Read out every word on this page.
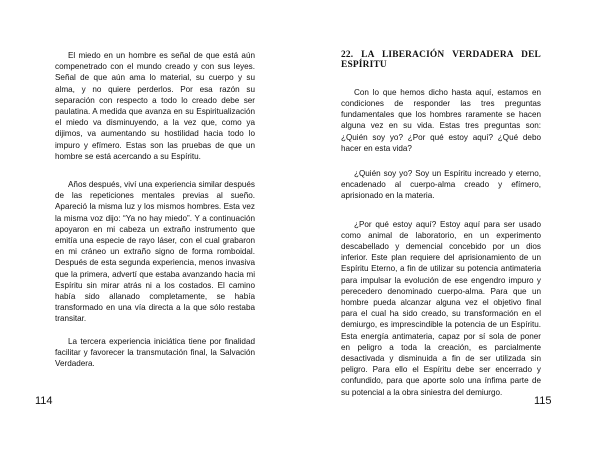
El miedo en un hombre es señal de que está aún compenetrado con el mundo creado y con sus leyes. Señal de que aún ama lo material, su cuerpo y su alma, y no quiere perderlos. Por esa razón su separación con respecto a todo lo creado debe ser paulatina. A medida que avanza en su Espiritualización el miedo va disminuyendo, a la vez que, como ya dijimos, va aumentando su hostilidad hacia todo lo impuro y efímero. Estas son las pruebas de que un hombre se está acercando a su Espíritu.

Años después, viví una experiencia similar después de las repeticiones mentales previas al sueño. Apareció la misma luz y los mismos hombres. Esta vez la misma voz dijo: “Ya no hay miedo”. Y a continuación apoyaron en mi cabeza un extraño instrumento que emitía una especie de rayo láser, con el cual grabaron en mi cráneo un extraño signo de forma romboidal. Después de esta segunda experiencia, menos invasiva que la primera, advertí que estaba avanzando hacia mi Espíritu sin mirar atrás ni a los costados. El camino había sido allanado completamente, se había transformado en una vía directa a la que sólo restaba transitar.

La tercera experiencia iniciática tiene por finalidad facilitar y favorecer la transmutación final, la Salvación Verdadera.

114
22. LA LIBERACIÓN VERDADERA DEL ESPÍRITU

Con lo que hemos dicho hasta aquí, estamos en condiciones de responder las tres preguntas fundamentales que los hombres raramente se hacen alguna vez en su vida. Estas tres preguntas son: ¿Quién soy yo? ¿Por qué estoy aquí? ¿Qué debo hacer en esta vida?

¿Quién soy yo? Soy un Espíritu increado y eterno, encadenado al cuerpo-alma creado y efímero, aprisionado en la materia.

¿Por qué estoy aquí? Estoy aquí para ser usado como animal de laboratorio, en un experimento descabellado y demencial concebido por un dios inferior. Este plan requiere del aprisionamiento de un Espíritu Eterno, a fin de utilizar su potencia antimateria para impulsar la evolución de ese engendro impuro y perecedero denominado cuerpo-alma. Para que un hombre pueda alcanzar alguna vez el objetivo final para el cual ha sido creado, su transformación en el demiurgo, es imprescindible la potencia de un Espíritu. Esta energía antimateria, capaz por sí sola de poner en peligro a toda la creación, es parcialmente desactivada y disminuida a fin de ser utilizada sin peligro. Para ello el Espíritu debe ser encerrado y confundido, para que aporte solo una ínfima parte de su potencial a la obra siniestra del demiurgo.

115
